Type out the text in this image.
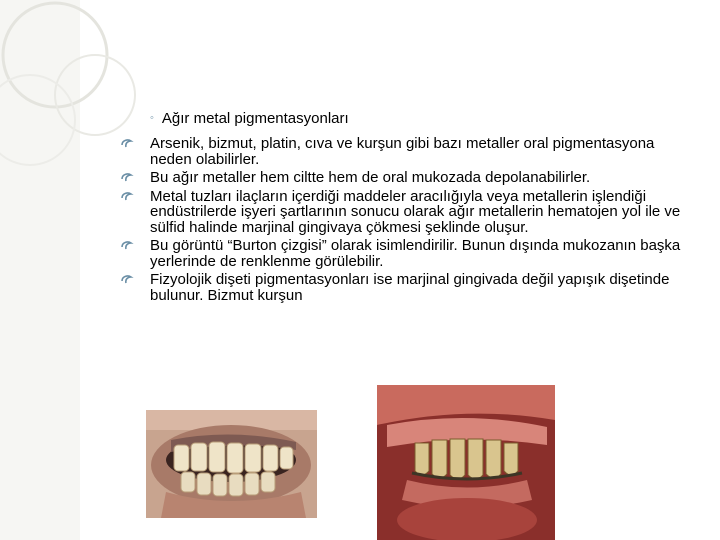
◦ Ağır metal pigmentasyonları
Arsenik, bizmut, platin, cıva ve kurşun gibi bazı metaller oral pigmentasyona neden olabilirler.
Bu ağır metaller hem ciltte hem de oral mukozada depolanabilirler.
Metal tuzları ilaçların içerdiği maddeler aracılığıyla veya metallerin işlendiği endüstrilerde işyeri şartlarının sonucu olarak ağır metallerin hematojen yol ile ve sülfid halinde marjinal gingivaya çökmesi şeklinde oluşur.
Bu görüntü “Burton çizgisi” olarak isimlendirilir. Bunun dışında mukozanın başka yerlerinde de renklenme görülebilir.
Fizyolojik dişeti pigmentasyonları ise marjinal gingivada değil yapışık dişetinde bulunur. Bizmut kurşun
